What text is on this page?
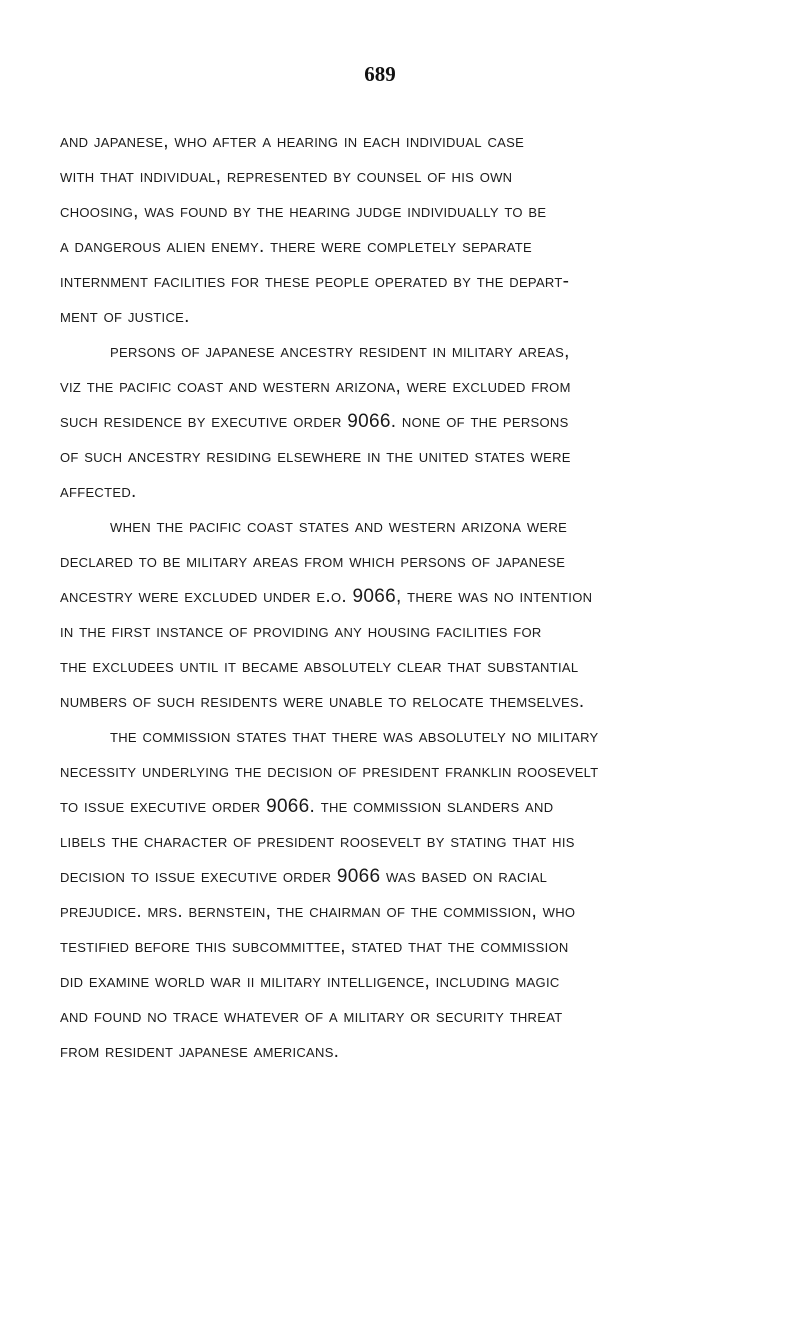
689
and japanese, who after a hearing in each individual case
with that individual, represented by counsel of his own
choosing, was found by the hearing judge individually to be
a dangerous alien enemy. there were completely separate
internment facilities for these people operated by the depart-
ment of justice.
persons of japanese ancestry resident in military areas,
viz the pacific coast and western arizona, were excluded from
such residence by executive order 9066. none of the persons
of such ancestry residing elsewhere in the united states were
affected.
when the pacific coast states and western arizona were
declared to be military areas from which persons of japanese
ancestry were excluded under e.o. 9066, there was no intention
in the first instance of providing any housing facilities for
the excludees until it became absolutely clear that substantial
numbers of such residents were unable to relocate themselves.
the commission states that there was absolutely no military
necessity underlying the decision of president franklin roosevelt
to issue executive order 9066. the commission slanders and
libels the character of president roosevelt by stating that his
decision to issue executive order 9066 was based on racial
prejudice. mrs. bernstein, the chairman of the commission, who
testified before this subcommittee, stated that the commission
did examine world war ii military intelligence, including magic
and found no trace whatever of a military or security threat
from resident japanese americans.
